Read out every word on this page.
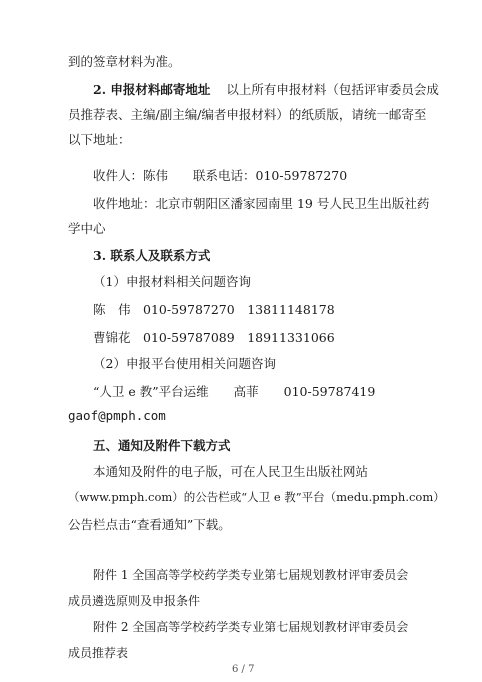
到的签章材料为准。
2. 申报材料邮寄地址 以上所有申报材料（包括评审委员会成
员推荐表、主编/副主编/编者申报材料）的纸质版，请统一邮寄至
以下地址：
收件人：陈伟　　联系电话：010-59787270
收件地址：北京市朝阳区潘家园南里 19 号人民卫生出版社药
学中心
3. 联系人及联系方式
（1）申报材料相关问题咨询
陈　伟　010-59787270　13811148178
曹锦花　010-59787089　18911331066
（2）申报平台使用相关问题咨询
“人卫 e 教”平台运维　　高菲　　010-59787419
gaof@pmph.com
五、通知及附件下载方式
本通知及附件的电子版，可在人民卫生出版社网站
（www.pmph.com）的公告栏或“人卫 e 教”平台（medu.pmph.com）
公告栏点击“查看通知”下载。
附件 1 全国高等学校药学类专业第七届规划教材评审委员会
成员遴选原则及申报条件
附件 2 全国高等学校药学类专业第七届规划教材评审委员会
成员推荐表
6 / 7
